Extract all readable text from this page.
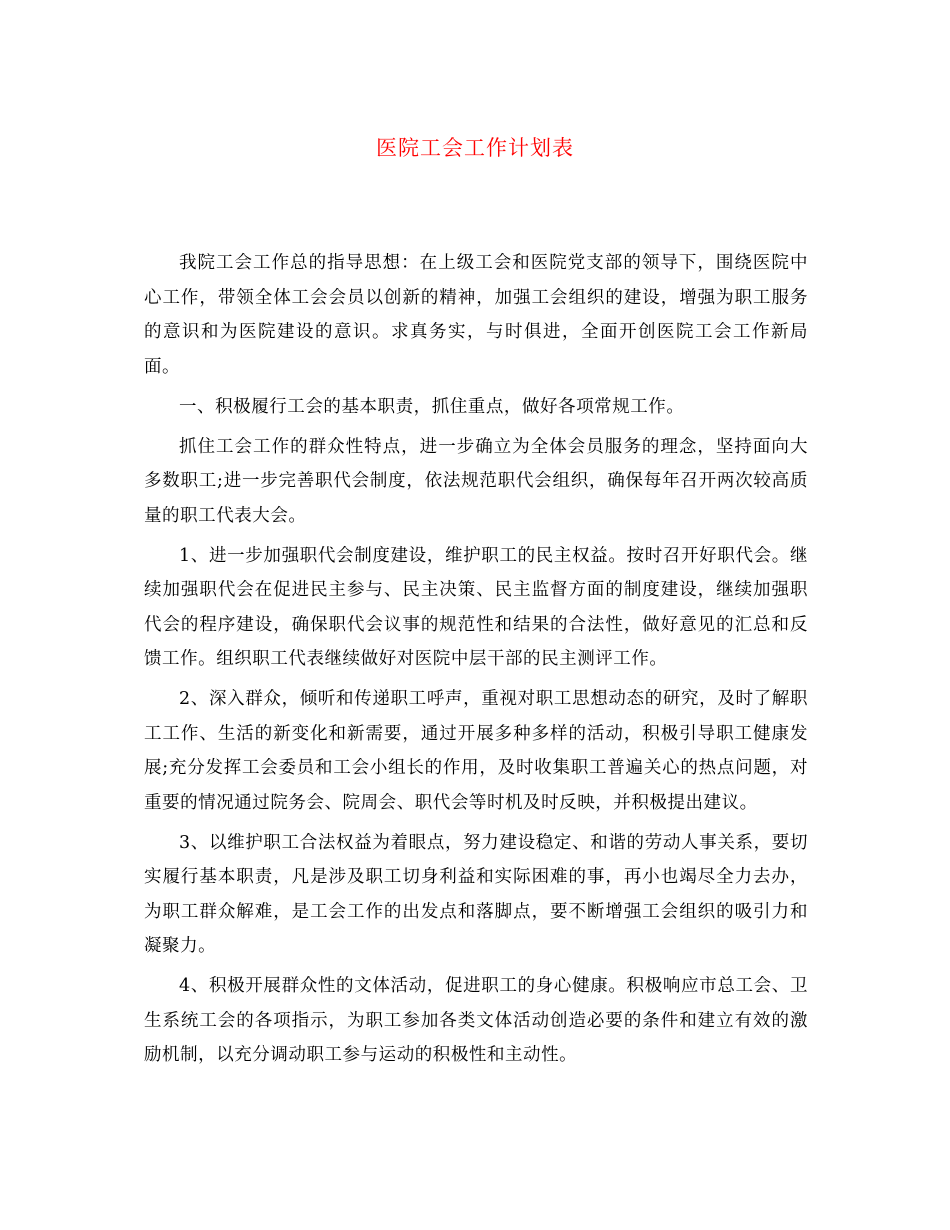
医院工会工作计划表

我院工会工作总的指导思想：在上级工会和医院党支部的领导下，围绕医院中心工作，带领全体工会会员以创新的精神，加强工会组织的建设，增强为职工服务的意识和为医院建设的意识。求真务实，与时俱进，全面开创医院工会工作新局面。

一、积极履行工会的基本职责，抓住重点，做好各项常规工作。

抓住工会工作的群众性特点，进一步确立为全体会员服务的理念，坚持面向大多数职工;进一步完善职代会制度，依法规范职代会组织，确保每年召开两次较高质量的职工代表大会。

1、进一步加强职代会制度建设，维护职工的民主权益。按时召开好职代会。继续加强职代会在促进民主参与、民主决策、民主监督方面的制度建设，继续加强职代会的程序建设，确保职代会议事的规范性和结果的合法性，做好意见的汇总和反馈工作。组织职工代表继续做好对医院中层干部的民主测评工作。

2、深入群众，倾听和传递职工呼声，重视对职工思想动态的研究，及时了解职工工作、生活的新变化和新需要，通过开展多种多样的活动，积极引导职工健康发展;充分发挥工会委员和工会小组长的作用，及时收集职工普遍关心的热点问题，对重要的情况通过院务会、院周会、职代会等时机及时反映，并积极提出建议。

3、以维护职工合法权益为着眼点，努力建设稳定、和谐的劳动人事关系，要切实履行基本职责，凡是涉及职工切身利益和实际困难的事，再小也竭尽全力去办，为职工群众解难，是工会工作的出发点和落脚点，要不断增强工会组织的吸引力和凝聚力。

4、积极开展群众性的文体活动，促进职工的身心健康。积极响应市总工会、卫生系统工会的各项指示，为职工参加各类文体活动创造必要的条件和建立有效的激励机制，以充分调动职工参与运动的积极性和主动性。
